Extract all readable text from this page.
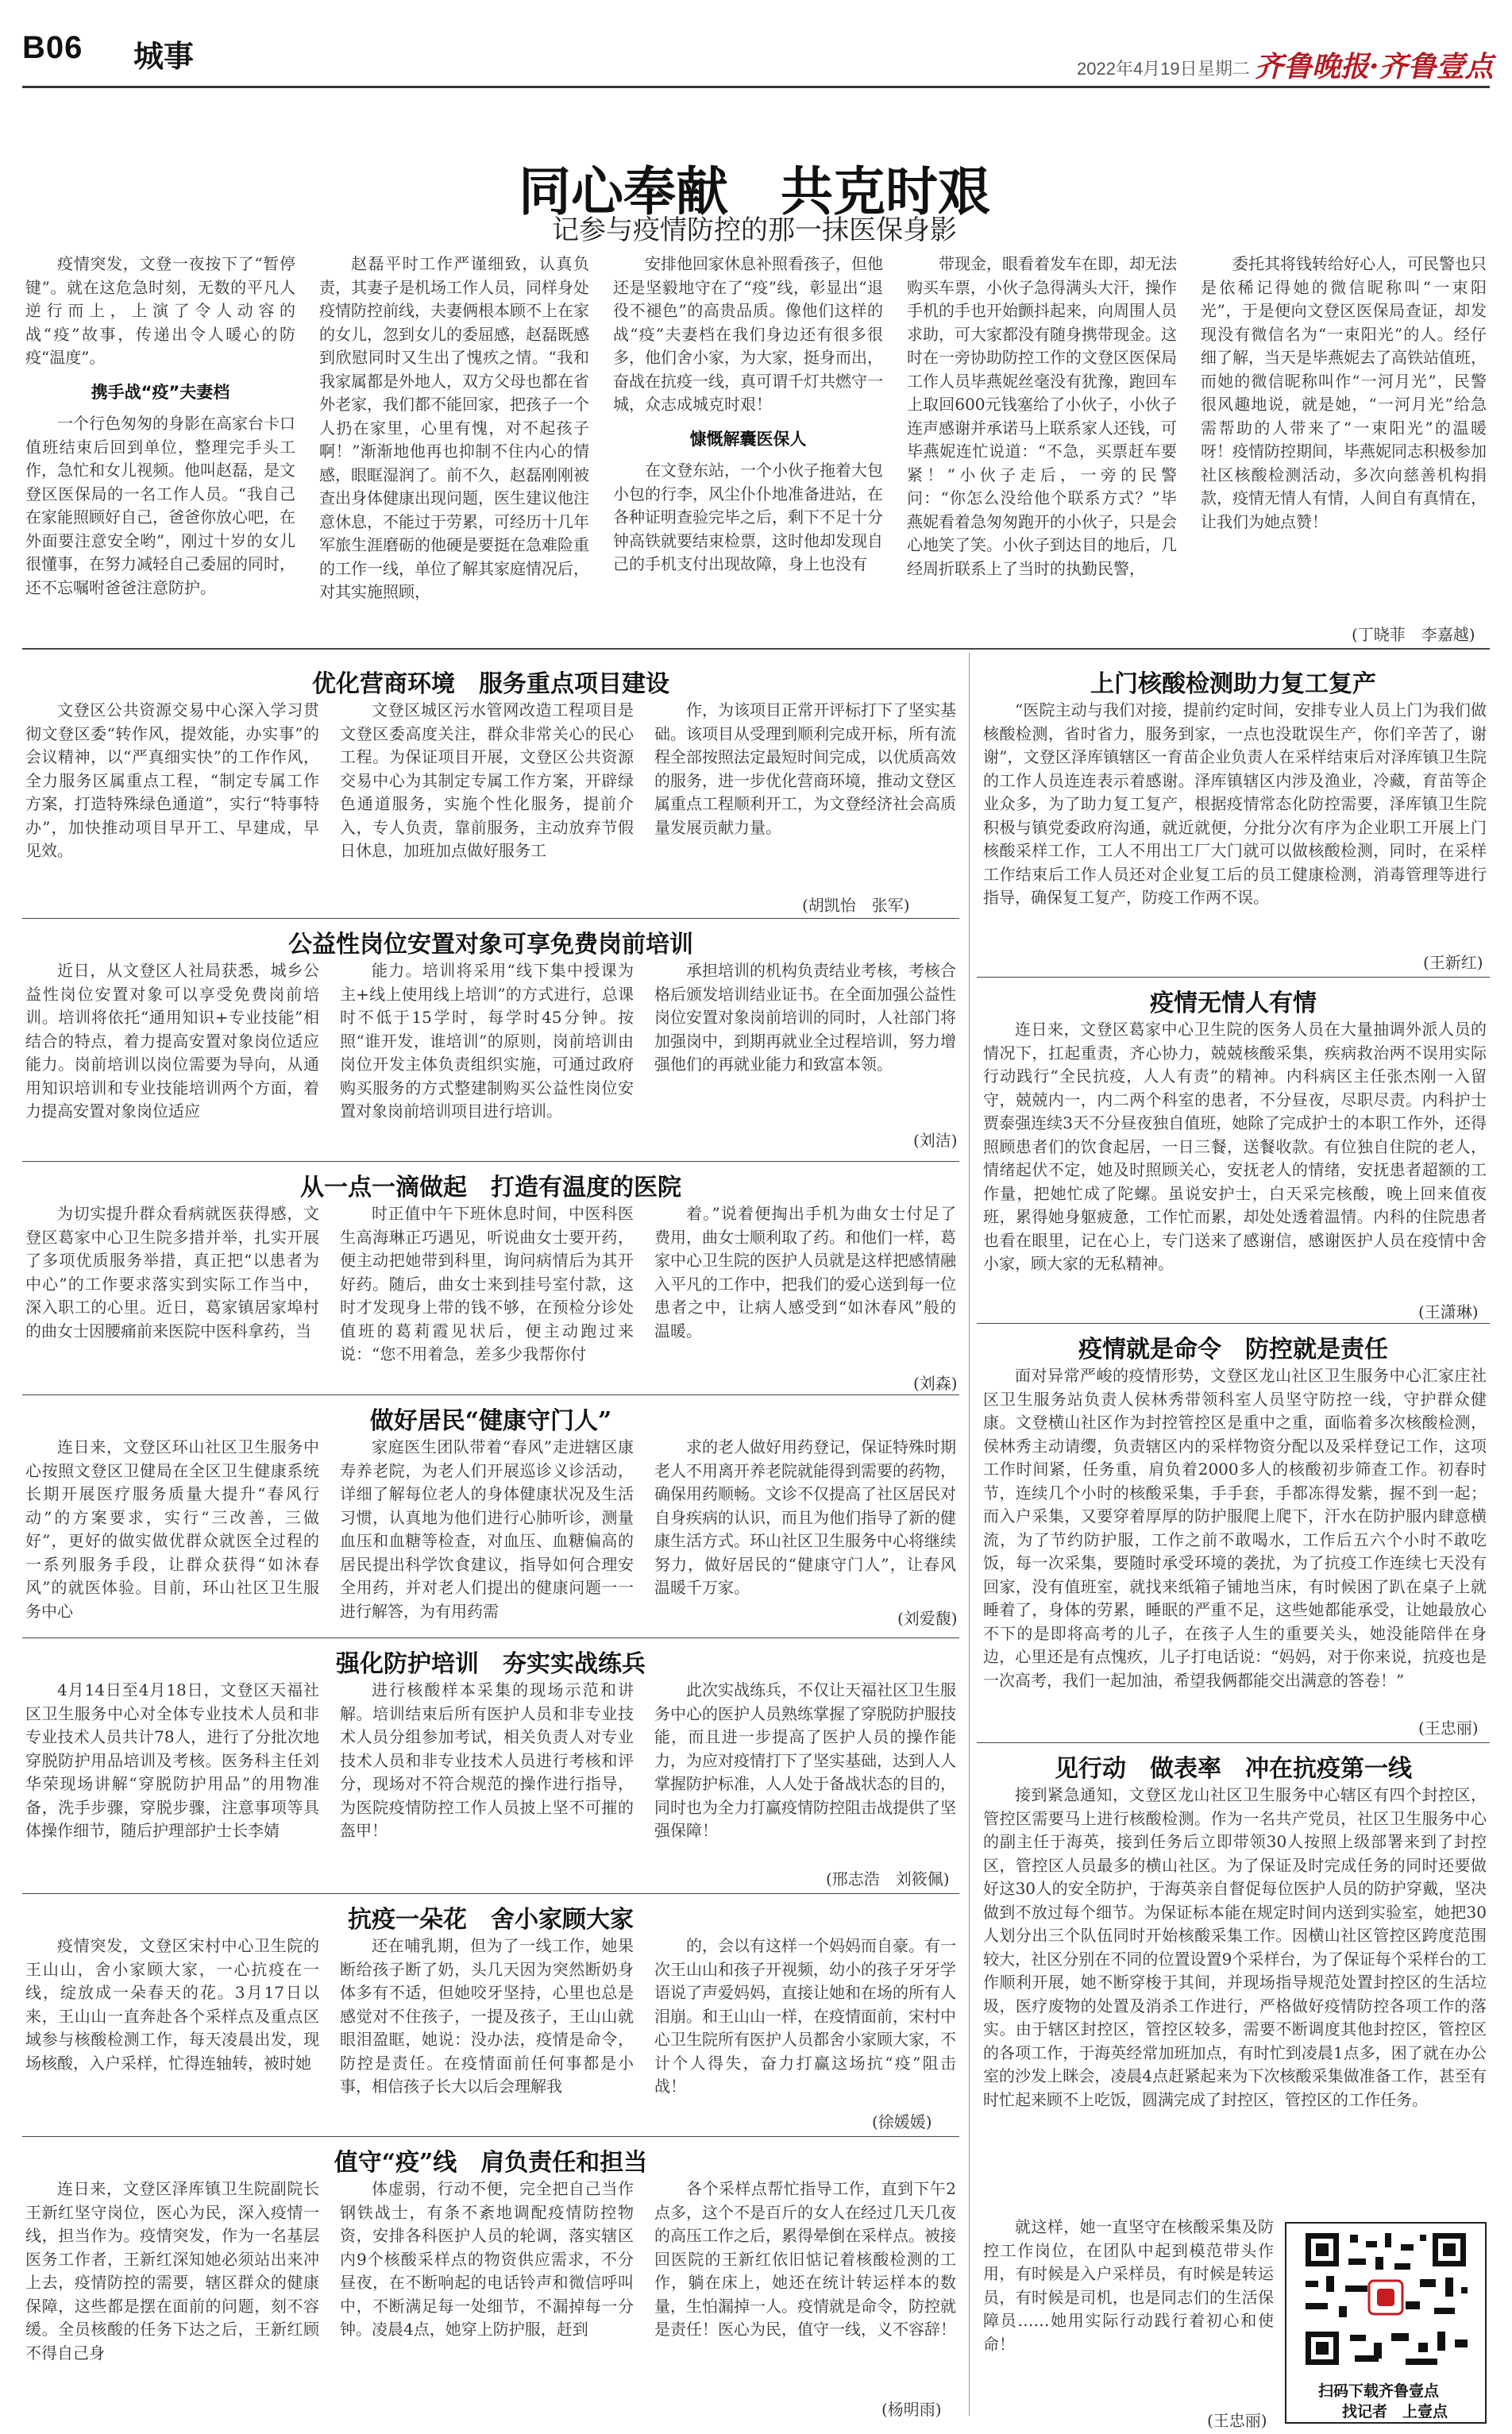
B06 城事	2022年4月19日 星期二 齐鲁晚报·齐鲁壹点
同心奉献　共克时艰
记参与疫情防控的那一抹医保身影

疫情突发，文登一夜按下了“暂停键”。就在这危急时刻，无数的平凡人逆行而上，上演了令人动容的战“疫”故事，传递出令人暖心的防疫“温度”。

携手战“疫”夫妻档

一个行色匆匆的身影在高家台卡口值班结束后回到单位，整理完手头工作，急忙和女儿视频。他叫赵磊，是文登区医保局的一名工作人员。“我自己在家能照顾好自己，爸爸你放心吧，在外面要注意安全哟”，刚过十岁的女儿很懂事，在努力减轻自己委屈的同时，还不忘嘱咐爸爸注意防护。

赵磊平时工作严谨细致，认真负责，其妻子是机场工作人员，同样身处疫情防控前线，夫妻俩根本顾不上在家的女儿，忽到女儿的委屈感，赵磊既感到欣慰同时又生出了愧疚之情。“我和我家属都是外地人，双方父母也都在省外老家，我们都不能回家，把孩子一个人扔在家里，心里有愧，对不起孩子啊！”渐渐地他再也抑制不住内心的情感，眼眶湿润了。前不久，赵磊刚刚被查出身体健康出现问题，医生建议他注意休息，不能过于劳累，可经历十几年军旅生涯磨砺的他硬是要挺在急难险重的工作一线，单位了解其家庭情况后，对其实施照顾，

安排他回家休息补照看孩子，但他还是坚毅地守在了“疫”线，彰显出“退役不褪色”的高贵品质。像他们这样的战“疫”夫妻档在我们身边还有很多很多，他们舍小家，为大家，挺身而出，奋战在抗疫一线，真可谓千灯共燃守一城，众志成城克时艰！

慷慨解囊医保人

在文登东站，一个小伙子拖着大包小包的行李，风尘仆仆地准备进站，在各种证明查验完毕之后，剩下不足十分钟高铁就要结束检票，这时他却发现自己的手机支付出现故障，身上也没有

带现金，眼看着发车在即，却无法购买车票，小伙子急得满头大汗，操作手机的手也开始颤抖起来，向周围人员求助，可大家都没有随身携带现金。这时在一旁协助防控工作的文登区医保局工作人员毕燕妮丝毫没有犹豫，跑回车上取回600元钱塞给了小伙子，小伙子连声感谢并承诺马上联系家人还钱，可毕燕妮连忙说道：“不急，买票赶车要紧！”小伙子走后，一旁的民警问：“你怎么没给他个联系方式？”毕燕妮看着急匆匆跑开的小伙子，只是会心地笑了笑。小伙子到达目的地后，几经周折联系上了当时的执勤民警，

委托其将钱转给好心人，可民警也只是依稀记得她的微信昵称叫“一束阳光”，于是便向文登区医保局查证，却发现没有微信名为“一束阳光”的人。经仔细了解，当天是毕燕妮去了高铁站值班，而她的微信昵称叫作“一河月光”，民警很风趣地说，就是她，“一河月光”给急需帮助的人带来了“一束阳光”的温暖呀！疫情防控期间，毕燕妮同志积极参加社区核酸检测活动，多次向慈善机构捐款，疫情无情人有情，人间自有真情在，让我们为她点赞！

(丁晓菲　李嘉越)
优化营商环境　服务重点项目建设

文登区公共资源交易中心深入学习贯彻文登区委“转作风，提效能，办实事”的会议精神，以“严真细实快”的工作作风，全力服务区属重点工程，“制定专属工作方案，打造特殊绿色通道”，实行“特事特办”，加快推动项目早开工、早建成，早见效。

文登区城区污水管网改造工程项目是文登区委高度关注，群众非常关心的民心工程。为保证项目开展，文登区公共资源交易中心为其制定专属工作方案，开辟绿色通道服务，实施个性化服务，提前介入，专人负责，靠前服务，主动放弃节假日休息，加班加点做好服务工

作，为该项目正常开评标打下了坚实基础。该项目从受理到顺利完成开标，所有流程全部按照法定最短时间完成，以优质高效的服务，进一步优化营商环境，推动文登区属重点工程顺利开工，为文登经济社会高质量发展贡献力量。

(胡凯怡　张军)
公益性岗位安置对象可享免费岗前培训

近日，从文登区人社局获悉，城乡公益性岗位安置对象可以享受免费岗前培训。培训将依托“通用知识+专业技能”相结合的特点，着力提高安置对象岗位适应能力。岗前培训以岗位需要为导向，从通用知识培训和专业技能培训两个方面，着力提高安置对象岗位适应

能力。培训将采用“线下集中授课为主+线上使用线上培训”的方式进行，总课时不低于15学时，每学时45分钟。按照“谁开发，谁培训”的原则，岗前培训由岗位开发主体负责组织实施，可通过政府购买服务的方式整建制购买公益性岗位安置对象岗前培训项目进行培训。

承担培训的机构负责结业考核，考核合格后颁发培训结业证书。在全面加强公益性岗位安置对象岗前培训的同时，人社部门将加强岗中，到期再就业全过程培训，努力增强他们的再就业能力和致富本领。

(刘洁)
从一点一滴做起　打造有温度的医院

为切实提升群众看病就医获得感，文登区葛家中心卫生院多措并举，扎实开展了多项优质服务举措，真正把“以患者为中心”的工作要求落实到实际工作当中，深入职工的心里。近日，葛家镇居家埠村的曲女士因腰痛前来医院中医科拿药，当

时正值中午下班休息时间，中医科医生高海琳正巧遇见，听说曲女士要开药，便主动把她带到科里，询问病情后为其开好药。随后，曲女士来到挂号室付款，这时才发现身上带的钱不够，在预检分诊处值班的葛莉霞见状后，便主动跑过来说：“您不用着急，差多少我帮你付

着。”说着便掏出手机为曲女士付足了费用，曲女士顺利取了药。和他们一样，葛家中心卫生院的医护人员就是这样把感情融入平凡的工作中，把我们的爱心送到每一位患者之中，让病人感受到“如沐春风”般的温暖。

(刘森)
做好居民“健康守门人”

连日来，文登区环山社区卫生服务中心按照文登区卫健局在全区卫生健康系统长期开展医疗服务质量大提升“春风行动”的方案要求，实行“三改善，三做好”，更好的做实做优群众就医全过程的一系列服务手段，让群众获得“如沐春风”的就医体验。目前，环山社区卫生服务中心

家庭医生团队带着“春风”走进辖区康寿养老院，为老人们开展巡诊义诊活动，详细了解每位老人的身体健康状况及生活习惯，认真地为他们进行心肺听诊，测量血压和血糖等检查，对血压、血糖偏高的居民提出科学饮食建议，指导如何合理安全用药，并对老人们提出的健康问题一一进行解答，为有用药需

求的老人做好用药登记，保证特殊时期老人不用离开养老院就能得到需要的药物，确保用药顺畅。文诊不仅提高了社区居民对自身疾病的认识，而且为他们指导了新的健康生活方式。环山社区卫生服务中心将继续努力，做好居民的“健康守门人”，让春风温暖千万家。

(刘爱馥)
强化防护培训　夯实实战练兵

4月14日至4月18日，文登区天福社区卫生服务中心对全体专业技术人员和非专业技术人员共计78人，进行了分批次地穿脱防护用品培训及考核。医务科主任刘华荣现场讲解“穿脱防护用品”的用物准备，洗手步骤，穿脱步骤，注意事项等具体操作细节，随后护理部护士长李婧

进行核酸样本采集的现场示范和讲解。培训结束后所有医护人员和非专业技术人员分组参加考试，相关负责人对专业技术人员和非专业技术人员进行考核和评分，现场对不符合规范的操作进行指导，为医院疫情防控工作人员披上坚不可摧的盔甲！

此次实战练兵，不仅让天福社区卫生服务中心的医护人员熟练掌握了穿脱防护服技能，而且进一步提高了医护人员的操作能力，为应对疫情打下了坚实基础，达到人人掌握防护标准，人人处于备战状态的目的，同时也为全力打赢疫情防控阻击战提供了坚强保障！

(邢志浩　刘筱佩)
抗疫一朵花　舍小家顾大家

疫情突发，文登区宋村中心卫生院的王山山，舍小家顾大家，一心抗疫在一线，绽放成一朵春天的花。3月17日以来，王山山一直奔赴各个采样点及重点区域参与核酸检测工作，每天凌晨出发，现场核酸，入户采样，忙得连轴转，被时她

还在哺乳期，但为了一线工作，她果断给孩子断了奶，头几天因为突然断奶身体多有不适，但她咬牙坚持，心里也总是感觉对不住孩子，一提及孩子，王山山就眼泪盈眶，她说：没办法，疫情是命令，防控是责任。在疫情面前任何事都是小事，相信孩子长大以后会理解我

的，会以有这样一个妈妈而自豪。有一次王山山和孩子开视频，幼小的孩子牙牙学语说了声爱妈妈，直接让她和在场的所有人泪崩。和王山山一样，在疫情面前，宋村中心卫生院所有医护人员都舍小家顾大家，不计个人得失，奋力打赢这场抗“疫”阻击战！

(徐媛媛)
值守“疫”线　肩负责任和担当

连日来，文登区泽库镇卫生院副院长王新红坚守岗位，医心为民，深入疫情一线，担当作为。疫情突发，作为一名基层医务工作者，王新红深知她必须站出来冲上去，疫情防控的需要，辖区群众的健康保障，这些都是摆在面前的问题，刻不容缓。全员核酸的任务下达之后，王新红顾不得自己身

体虚弱，行动不便，完全把自己当作钢铁战士，有条不紊地调配疫情防控物资，安排各科医护人员的轮调，落实辖区内9个核酸采样点的物资供应需求，不分昼夜，在不断响起的电话铃声和微信呼叫中，不断满足每一处细节，不漏掉每一分钟。凌晨4点，她穿上防护服，赶到

各个采样点帮忙指导工作，直到下午2点多，这个不是百斤的女人在经过几天几夜的高压工作之后，累得晕倒在采样点。被接回医院的王新红依旧惦记着核酸检测的工作，躺在床上，她还在统计转运样本的数量，生怕漏掉一人。疫情就是命令，防控就是责任！医心为民，值守一线，义不容辞！

(杨明雨)
上门核酸检测助力复工复产

“医院主动与我们对接，提前约定时间，安排专业人员上门为我们做核酸检测，省时省力，服务到家，一点也没耽误生产，你们辛苦了，谢谢”，文登区泽库镇辖区一育苗企业负责人在采样结束后对泽库镇卫生院的工作人员连连表示着感谢。泽库镇辖区内涉及渔业，冷藏，育苗等企业众多，为了助力复工复产，根据疫情常态化防控需要，泽库镇卫生院积极与镇党委政府沟通，就近就便，分批分次有序为企业职工开展上门核酸采样工作，工人不用出工厂大门就可以做核酸检测，同时，在采样工作结束后工作人员还对企业复工后的员工健康检测，消毒管理等进行指导，确保复工复产，防疫工作两不误。

(王新红)
疫情无情人有情

连日来，文登区葛家中心卫生院的医务人员在大量抽调外派人员的情况下，扛起重责，齐心协力，兢兢核酸采集，疾病救治两不误用实际行动践行“全民抗疫，人人有责”的精神。内科病区主任张杰刚一入留守，兢兢内一，内二两个科室的患者，不分昼夜，尽职尽责。内科护士贾泰强连续3天不分昼夜独自值班，她除了完成护士的本职工作外，还得照顾患者们的饮食起居，一日三餐，送餐收款。有位独自住院的老人，情绪起伏不定，她及时照顾关心，安抚老人的情绪，安抚患者超额的工作量，把她忙成了陀螺。虽说安护士，白天采完核酸，晚上回来值夜班，累得她身躯疲惫，工作忙而累，却处处透着温情。内科的住院患者也看在眼里，记在心上，专门送来了感谢信，感谢医护人员在疫情中舍小家，顾大家的无私精神。

(王潇琳)
疫情就是命令　防控就是责任

面对异常严峻的疫情形势，文登区龙山社区卫生服务中心汇家庄社区卫生服务站负责人侯林秀带领科室人员坚守防控一线，守护群众健康。文登横山社区作为封控管控区是重中之重，面临着多次核酸检测，侯林秀主动请缨，负责辖区内的采样物资分配以及采样登记工作，这项工作时间紧，任务重，肩负着2000多人的核酸初步筛查工作。初春时节，连续几个小时的核酸采集，手手套，手都冻得发紫，握不到一起；而入户采集，又要穿着厚厚的防护服爬上爬下，汗水在防护服内肆意横流，为了节约防护服，工作之前不敢喝水，工作后五六个小时不敢吃饭，每一次采集，要随时承受环境的袭扰，为了抗疫工作连续七天没有回家，没有值班室，就找来纸箱子铺地当床，有时候困了趴在桌子上就睡着了，身体的劳累，睡眠的严重不足，这些她都能承受，让她最放心不下的是即将高考的儿子，在孩子人生的重要关头，她没能陪伴在身边，心里还是有点愧疚，儿子打电话说：“妈妈，对于你来说，抗疫也是一次高考，我们一起加油，希望我俩都能交出满意的答卷！”

(王忠丽)
见行动　做表率　冲在抗疫第一线

接到紧急通知，文登区龙山社区卫生服务中心辖区有四个封控区，管控区需要马上进行核酸检测。作为一名共产党员，社区卫生服务中心的副主任于海英，接到任务后立即带领30人按照上级部署来到了封控区，管控区人员最多的横山社区。为了保证及时完成任务的同时还要做好这30人的安全防护，于海英亲自督促每位医护人员的防护穿戴，坚决做到不放过每个细节。为保证标本能在规定时间内送到实验室，她把30人划分出三个队伍同时开始核酸采集工作。因横山社区管控区跨度范围较大，社区分别在不同的位置设置9个采样台，为了保证每个采样台的工作顺利开展，她不断穿梭于其间，并现场指导规范处置封控区的生活垃圾，医疗废物的处置及消杀工作进行，严格做好疫情防控各项工作的落实。由于辖区封控区，管控区较多，需要不断调度其他封控区，管控区的各项工作，于海英经常加班加点，有时忙到凌晨1点多，困了就在办公室的沙发上眯会，凌晨4点赶紧起来为下次核酸采集做准备工作，甚至有时忙起来顾不上吃饭，圆满完成了封控区，管控区的工作任务。

就这样，她一直坚守在核酸采集及防控工作岗位，在团队中起到模范带头作用，有时候是入户采样员，有时候是转运员，有时候是司机，也是同志们的生活保障员……她用实际行动践行着初心和使命！

(王忠丽)
扫码下载齐鲁壹点
找记者　上壹点
